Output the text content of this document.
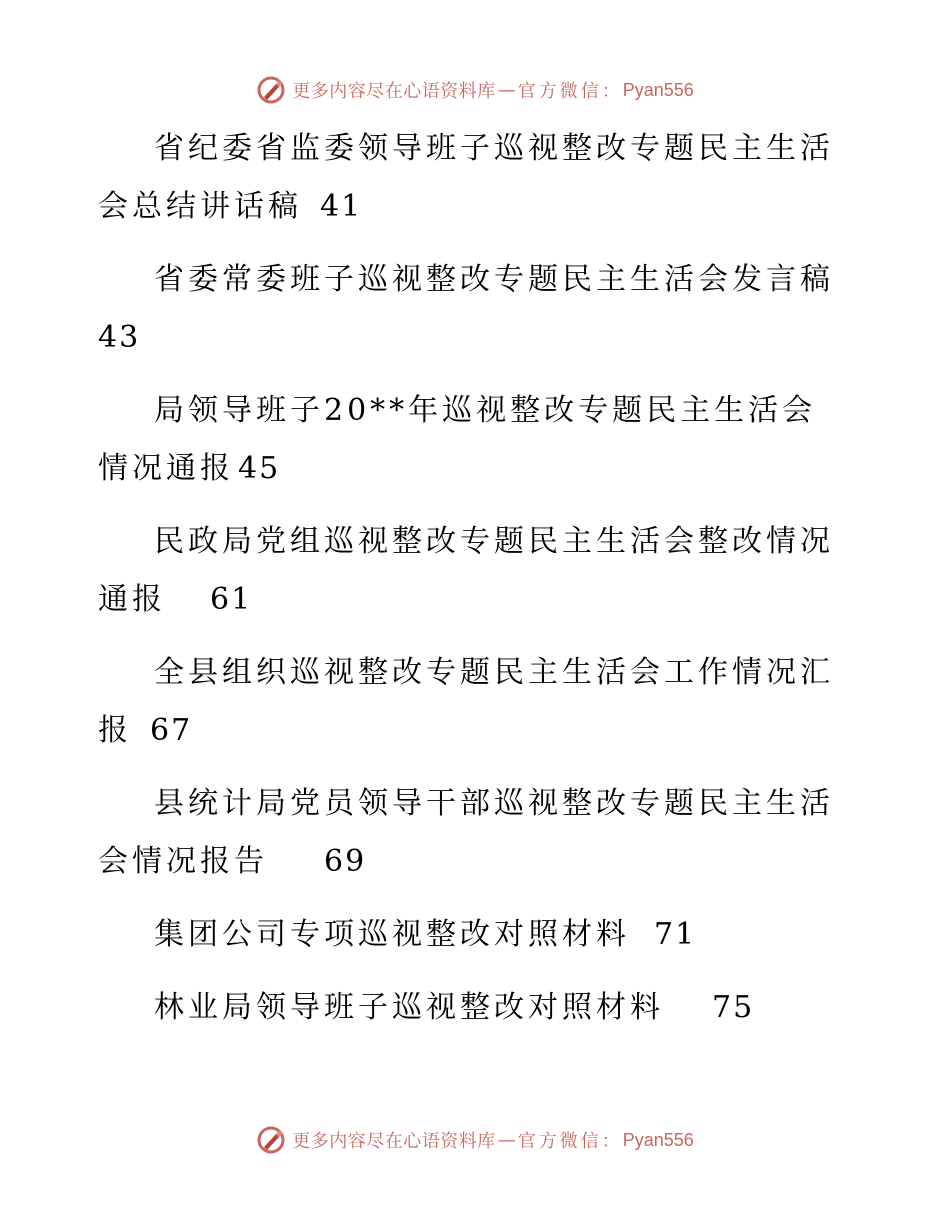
更多内容尽在心语资料库 — 官方微信： Pyan556
省纪委省监委领导班子巡视整改专题民主生活会总结讲话稿 41
省委常委班子巡视整改专题民主生活会发言稿43
局领导班子20**年巡视整改专题民主生活会情况通报 45
民政局党组巡视整改专题民主生活会整改情况通报 61
全县组织巡视整改专题民主生活会工作情况汇报 67
县统计局党员领导干部巡视整改专题民主生活会情况报告 69
集团公司专项巡视整改对照材料 71
林业局领导班子巡视整改对照材料 75
更多内容尽在心语资料库 — 官方微信： Pyan556
